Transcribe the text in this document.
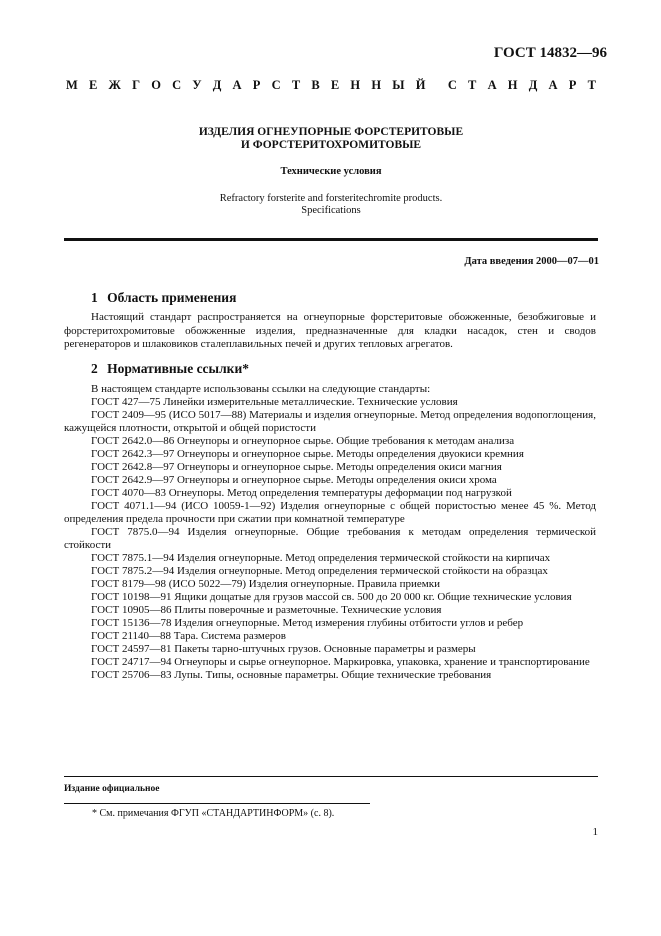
ГОСТ 14832—96
М Е Ж Г О С У Д А Р С Т В Е Н Н Ы Й С Т А Н Д А Р Т
ИЗДЕЛИЯ ОГНЕУПОРНЫЕ ФОРСТЕРИТОВЫЕ
И ФОРСТЕРИТОХРОМИТОВЫЕ
Технические условия
Refractory forsterite and forsteritechromite products.
Specifications
Дата введения 2000—07—01
1 Область применения
Настоящий стандарт распространяется на огнеупорные форстеритовые обожженные, безобжиговые и форстеритохромитовые обожженные изделия, предназначенные для кладки насадок, стен и сводов регенераторов и шлаковиков сталеплавильных печей и других тепловых агрегатов.
2 Нормативные ссылки*

В настоящем стандарте использованы ссылки на следующие стандарты:

ГОСТ 427—75 Линейки измерительные металлические. Технические условия

ГОСТ 2409—95 (ИСО 5017—88) Материалы и изделия огнеупорные. Метод определения водопоглощения, кажущейся плотности, открытой и общей пористости

ГОСТ 2642.0—86 Огнеупоры и огнеупорное сырье. Общие требования к методам анализа

ГОСТ 2642.3—97 Огнеупоры и огнеупорное сырье. Методы определения двуокиси кремния

ГОСТ 2642.8—97 Огнеупоры и огнеупорное сырье. Методы определения окиси магния

ГОСТ 2642.9—97 Огнеупоры и огнеупорное сырье. Методы определения окиси хрома

ГОСТ 4070—83 Огнеупоры. Метод определения температуры деформации под нагрузкой

ГОСТ 4071.1—94 (ИСО 10059-1—92) Изделия огнеупорные с общей пористостью менее 45 %. Метод определения предела прочности при сжатии при комнатной температуре

ГОСТ 7875.0—94 Изделия огнеупорные. Общие требования к методам определения термической стойкости

ГОСТ 7875.1—94 Изделия огнеупорные. Метод определения термической стойкости на кирпичах

ГОСТ 7875.2—94 Изделия огнеупорные. Метод определения термической стойкости на образцах

ГОСТ 8179—98 (ИСО 5022—79) Изделия огнеупорные. Правила приемки

ГОСТ 10198—91 Ящики дощатые для грузов массой св. 500 до 20 000 кг. Общие технические условия

ГОСТ 10905—86 Плиты поверочные и разметочные. Технические условия

ГОСТ 15136—78 Изделия огнеупорные. Метод измерения глубины отбитости углов и ребер

ГОСТ 21140—88 Тара. Система размеров

ГОСТ 24597—81 Пакеты тарно-штучных грузов. Основные параметры и размеры

ГОСТ 24717—94 Огнеупоры и сырье огнеупорное. Маркировка, упаковка, хранение и транспортирование

ГОСТ 25706—83 Лупы. Типы, основные параметры. Общие технические требования

Издание официальное
* См. примечания ФГУП «СТАНДАРТИНФОРМ» (с. 8).
1
